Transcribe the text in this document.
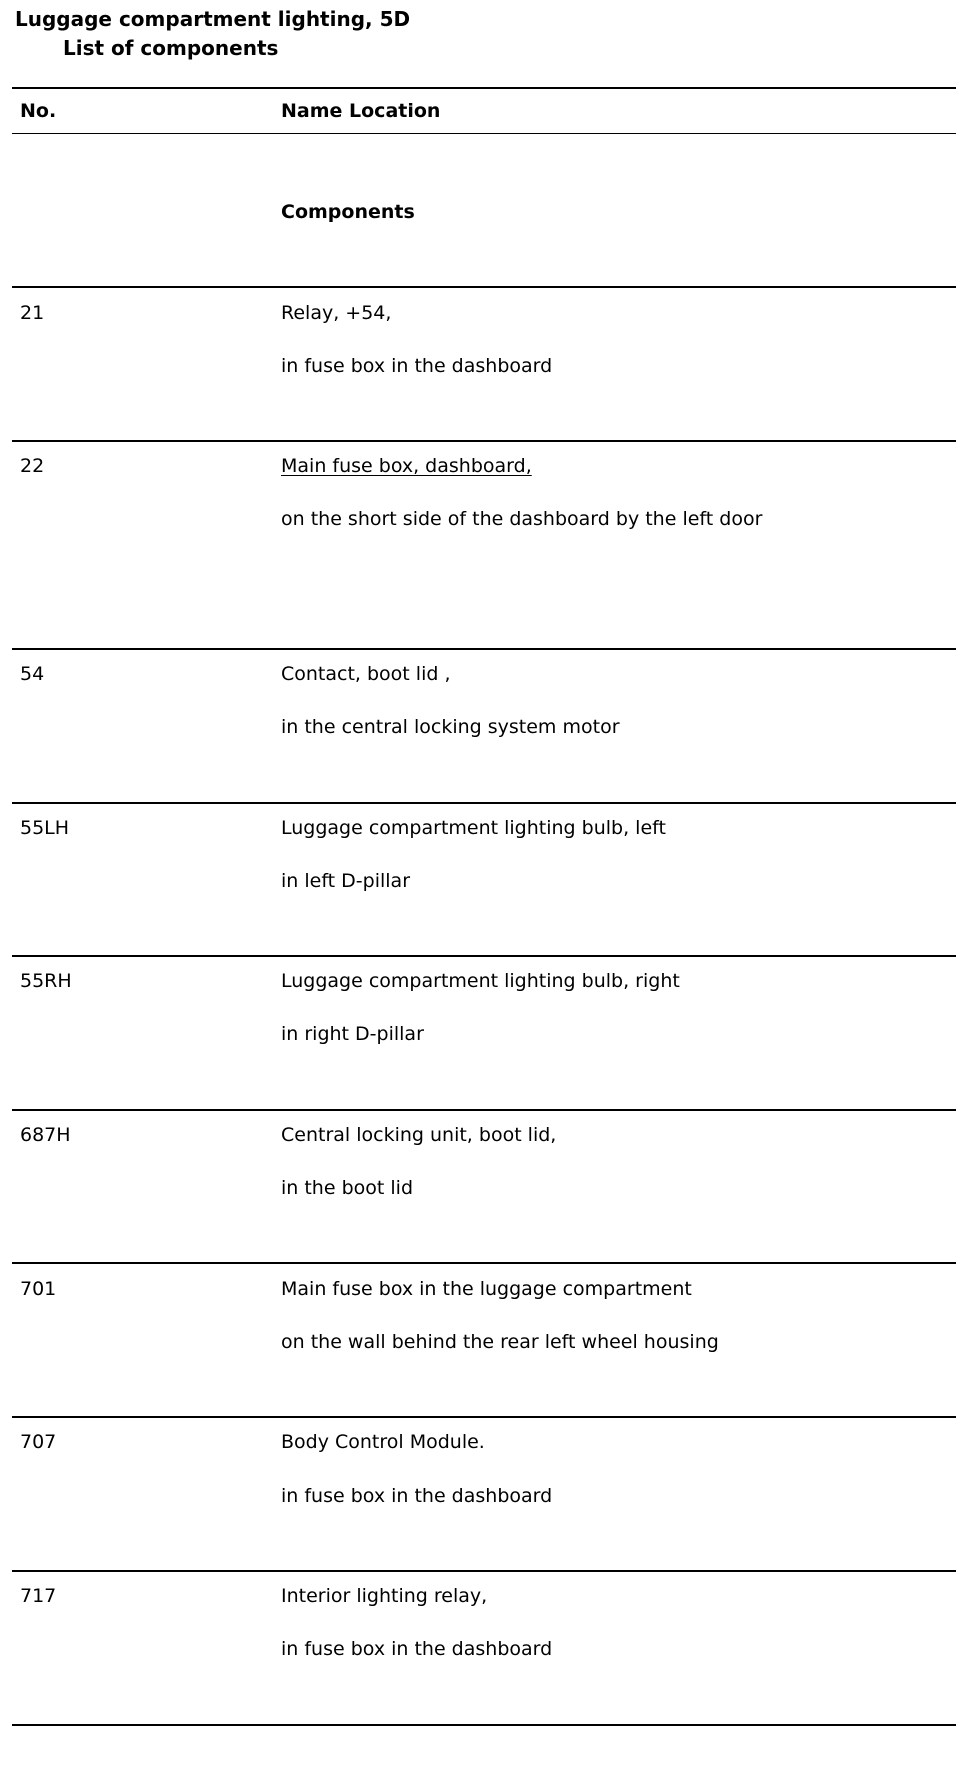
Luggage compartment lighting, 5D
List of components
No.	Name Location
Components
21	Relay, +54,
in fuse box in the dashboard
22	Main fuse box, dashboard,
on the short side of the dashboard by the left door
54	Contact, boot lid ,
in the central locking system motor
55LH	Luggage compartment lighting bulb, left
in left D-pillar
55RH	Luggage compartment lighting bulb, right
in right D-pillar
687H	Central locking unit, boot lid,
in the boot lid
701	Main fuse box in the luggage compartment
on the wall behind the rear left wheel housing
707	Body Control Module.
in fuse box in the dashboard
717	Interior lighting relay,
in fuse box in the dashboard
